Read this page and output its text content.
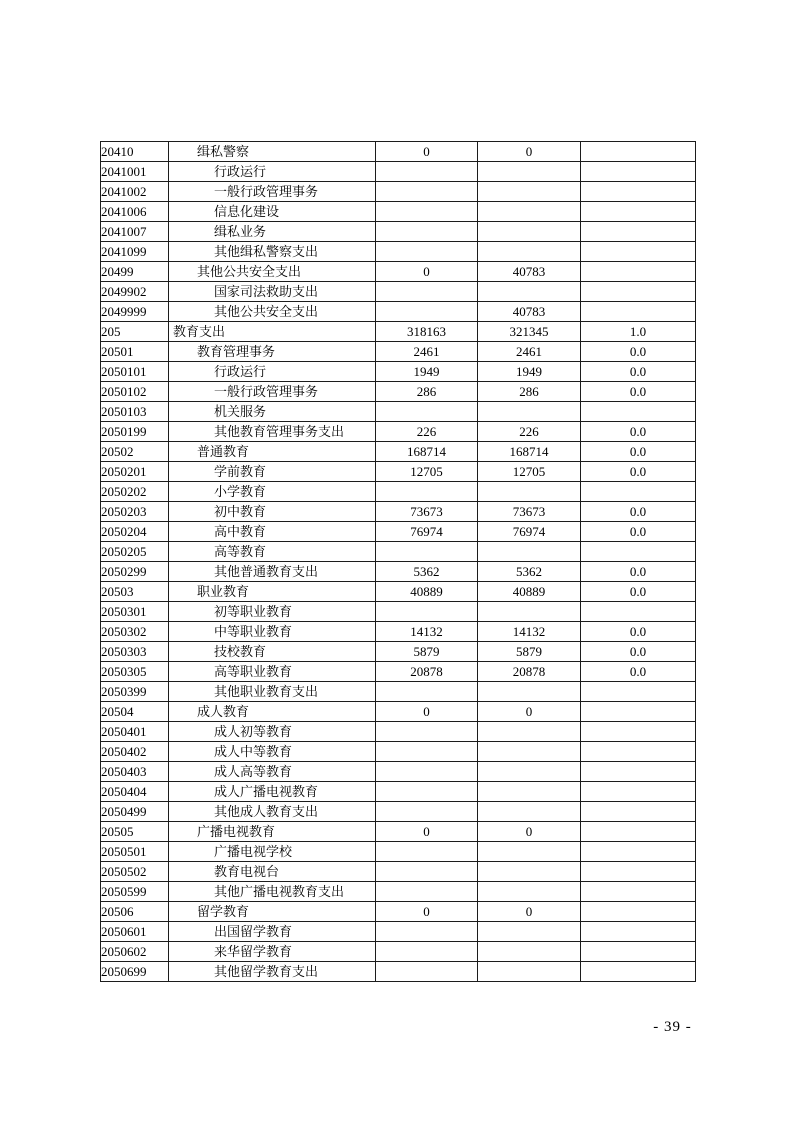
20410	缉私警察	0	0	
2041001	行政运行			
2041002	一般行政管理事务			
2041006	信息化建设			
2041007	缉私业务			
2041099	其他缉私警察支出			
20499	其他公共安全支出	0	40783	
2049902	国家司法救助支出			
2049999	其他公共安全支出		40783	
205	教育支出	318163	321345	1.0
20501	教育管理事务	2461	2461	0.0
2050101	行政运行	1949	1949	0.0
2050102	一般行政管理事务	286	286	0.0
2050103	机关服务			
2050199	其他教育管理事务支出	226	226	0.0
20502	普通教育	168714	168714	0.0
2050201	学前教育	12705	12705	0.0
2050202	小学教育			
2050203	初中教育	73673	73673	0.0
2050204	高中教育	76974	76974	0.0
2050205	高等教育			
2050299	其他普通教育支出	5362	5362	0.0
20503	职业教育	40889	40889	0.0
2050301	初等职业教育			
2050302	中等职业教育	14132	14132	0.0
2050303	技校教育	5879	5879	0.0
2050305	高等职业教育	20878	20878	0.0
2050399	其他职业教育支出			
20504	成人教育	0	0	
2050401	成人初等教育			
2050402	成人中等教育			
2050403	成人高等教育			
2050404	成人广播电视教育			
2050499	其他成人教育支出			
20505	广播电视教育	0	0	
2050501	广播电视学校			
2050502	教育电视台			
2050599	其他广播电视教育支出			
20506	留学教育	0	0	
2050601	出国留学教育			
2050602	来华留学教育			
2050699	其他留学教育支出			
- 39 -
